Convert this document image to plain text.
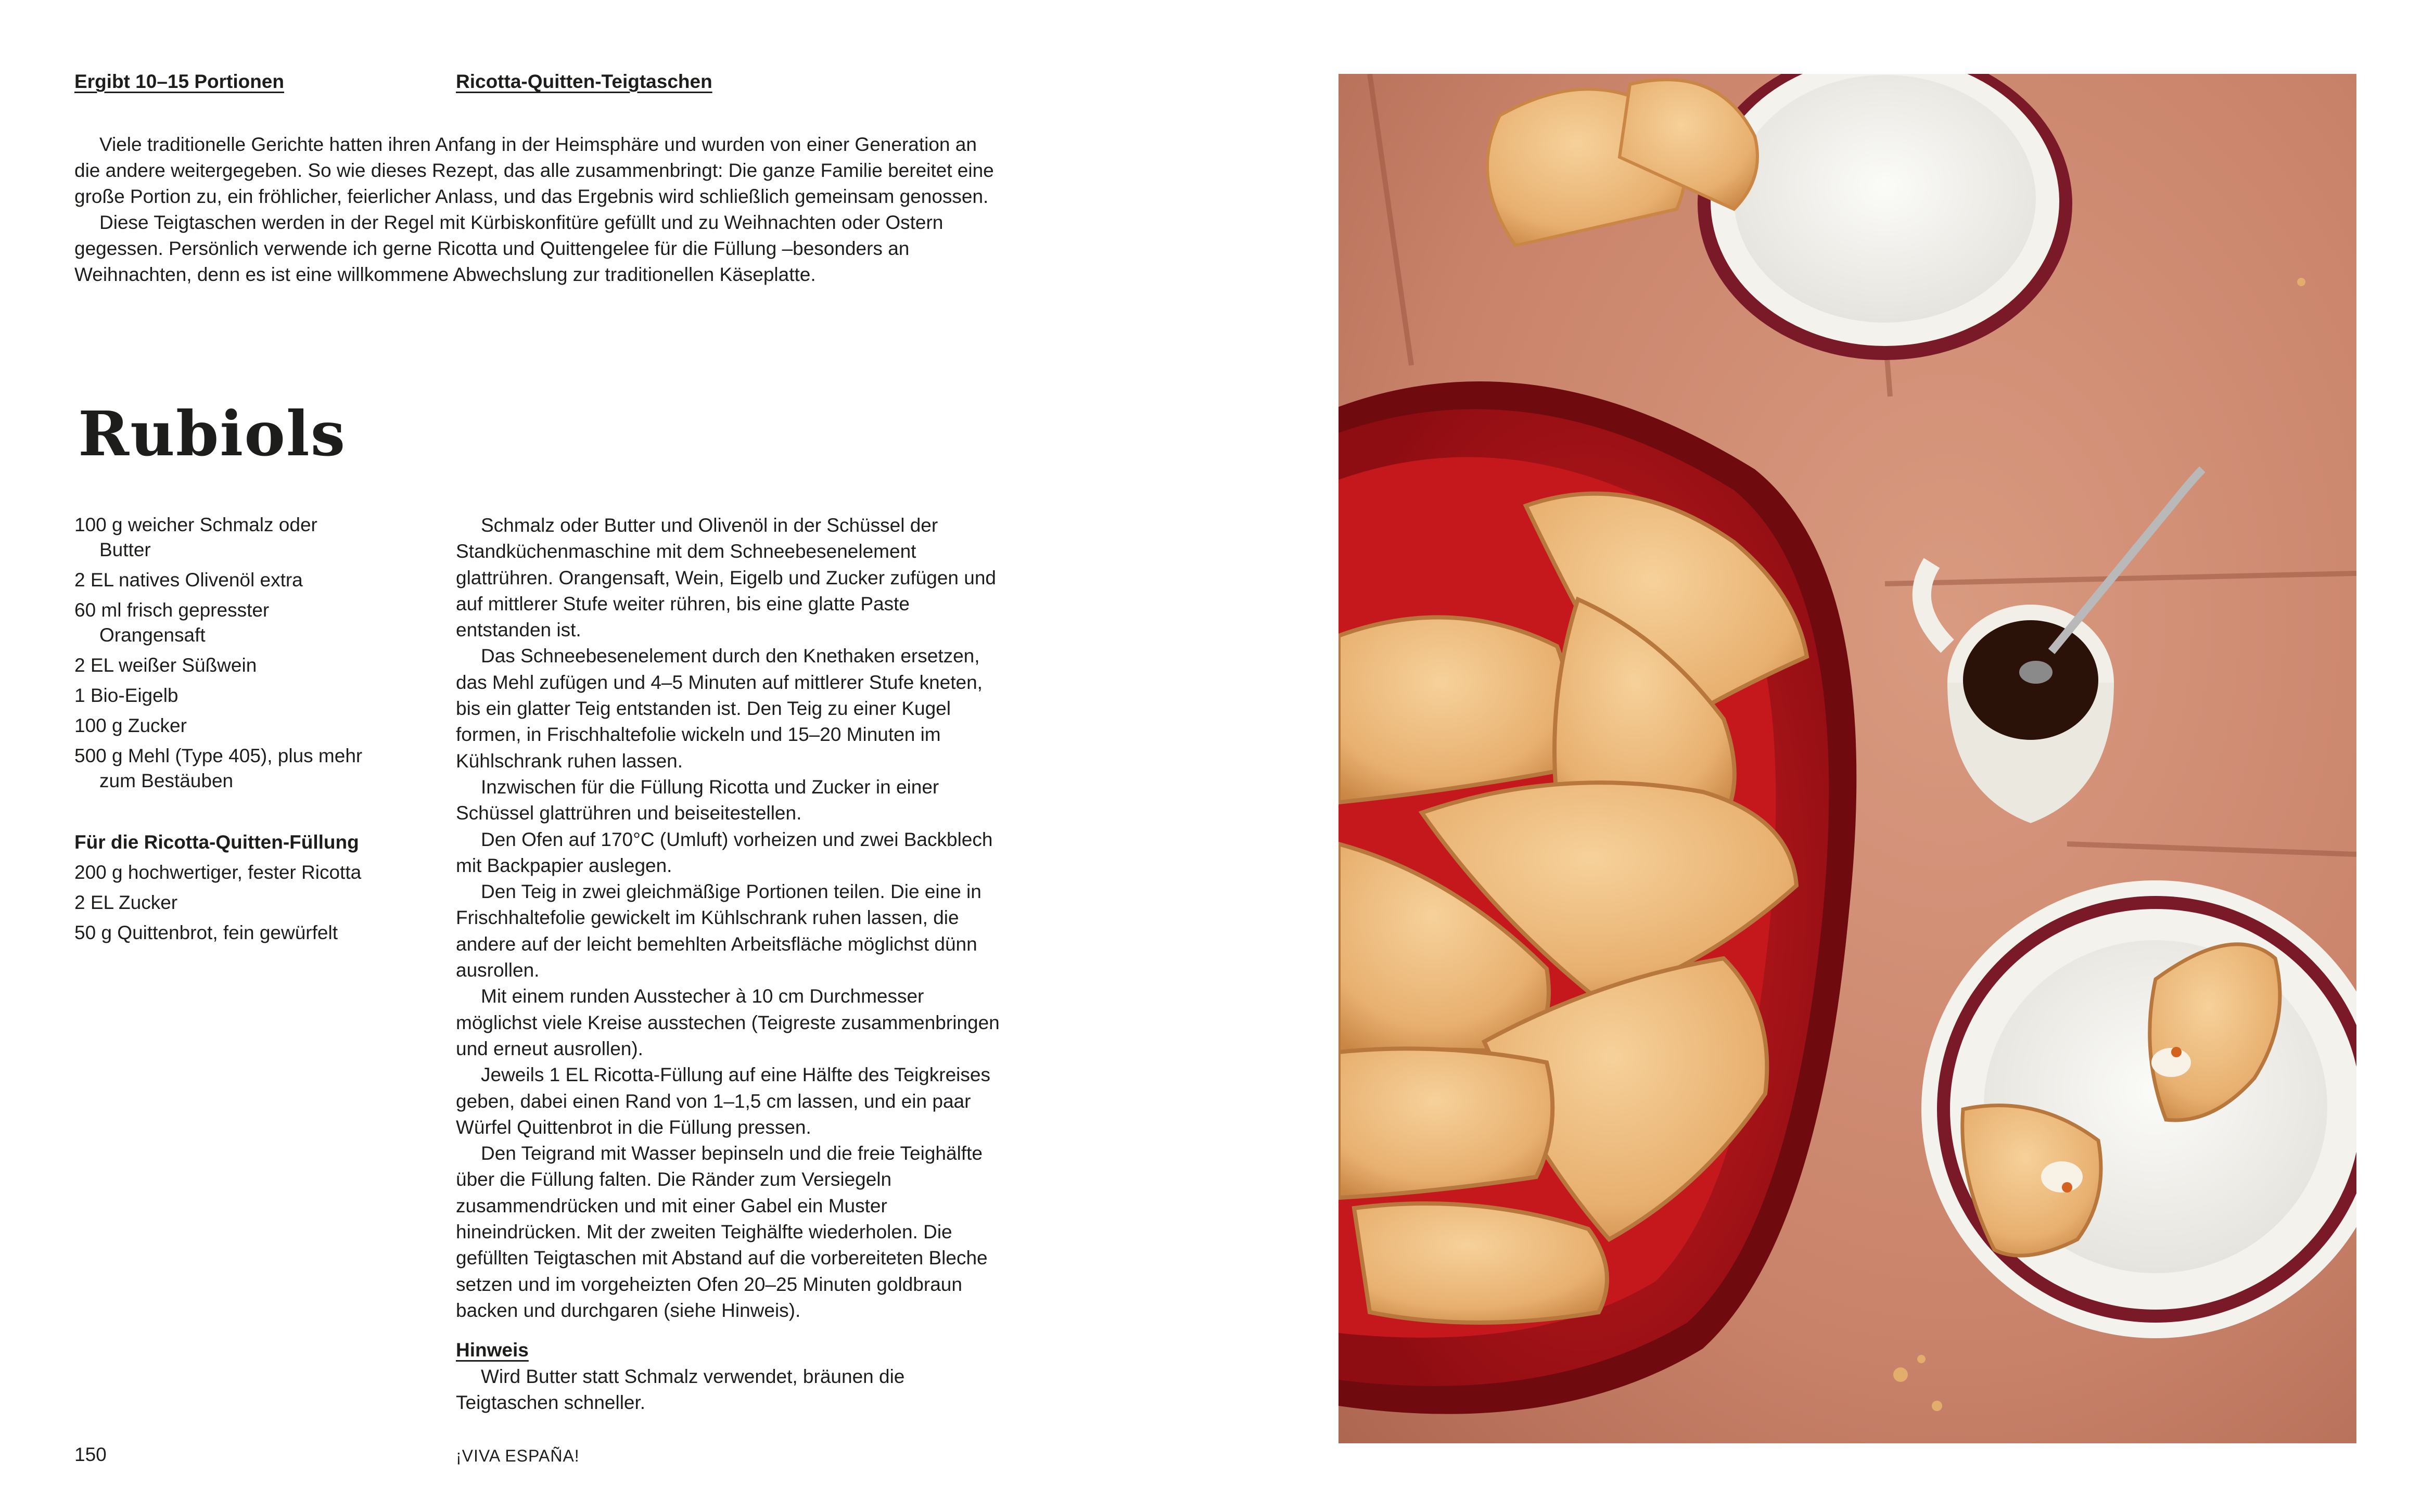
Ergibt 10–15 Portionen	Ricotta-Quitten-Teigtaschen

Viele traditionelle Gerichte hatten ihren Anfang in der Heimsphäre und wurden von einer Generation an die andere weitergegeben. So wie dieses Rezept, das alle zusammenbringt: Die ganze Familie bereitet eine große Portion zu, ein fröhlicher, feierlicher Anlass, und das Ergebnis wird schließlich gemeinsam genossen.

Diese Teigtaschen werden in der Regel mit Kürbiskonfitüre gefüllt und zu Weihnachten oder Ostern gegessen. Persönlich verwende ich gerne Ricotta und Quittengelee für die Füllung –besonders an Weihnachten, denn es ist eine willkommene Abwechslung zur traditionellen Käseplatte.

Rubiols
100 g weicher Schmalz oder Butter
2 EL natives Olivenöl extra
60 ml frisch gepresster Orangensaft
2 EL weißer Süßwein
1 Bio-Eigelb
100 g Zucker
500 g Mehl (Type 405), plus mehr zum Bestäuben
Für die Ricotta-Quitten-Füllung
200 g hochwertiger, fester Ricotta
2 EL Zucker
50 g Quittenbrot, fein gewürfelt

Schmalz oder Butter und Olivenöl in der Schüssel der Standküchenmaschine mit dem Schneebesenelement glattrühren. Orangensaft, Wein, Eigelb und Zucker zufügen und auf mittlerer Stufe weiter rühren, bis eine glatte Paste entstanden ist.

Das Schneebesenelement durch den Knethaken ersetzen, das Mehl zufügen und 4–5 Minuten auf mittlerer Stufe kneten, bis ein glatter Teig entstanden ist. Den Teig zu einer Kugel formen, in Frischhaltefolie wickeln und 15–20 Minuten im Kühlschrank ruhen lassen.

Inzwischen für die Füllung Ricotta und Zucker in einer Schüssel glattrühren und beiseitestellen.

Den Ofen auf 170°C (Umluft) vorheizen und zwei Backblech mit Backpapier auslegen.

Den Teig in zwei gleichmäßige Portionen teilen. Die eine in Frischhaltefolie gewickelt im Kühlschrank ruhen lassen, die andere auf der leicht bemehlten Arbeitsfläche möglichst dünn ausrollen.

Mit einem runden Ausstecher à 10 cm Durchmesser möglichst viele Kreise ausstechen (Teigreste zusammenbringen und erneut ausrollen).

Jeweils 1 EL Ricotta-Füllung auf eine Hälfte des Teigkreises geben, dabei einen Rand von 1–1,5 cm lassen, und ein paar Würfel Quittenbrot in die Füllung pressen.

Den Teigrand mit Wasser bepinseln und die freie Teighälfte über die Füllung falten. Die Ränder zum Versiegeln zusammendrücken und mit einer Gabel ein Muster hineindrücken. Mit der zweiten Teighälfte wiederholen. Die gefüllten Teigtaschen mit Abstand auf die vorbereiteten Bleche setzen und im vorgeheizten Ofen 20–25 Minuten goldbraun backen und durchgaren (siehe Hinweis).

Hinweis

Wird Butter statt Schmalz verwendet, bräunen die Teigtaschen schneller.

150	¡VIVA ESPAÑA!
